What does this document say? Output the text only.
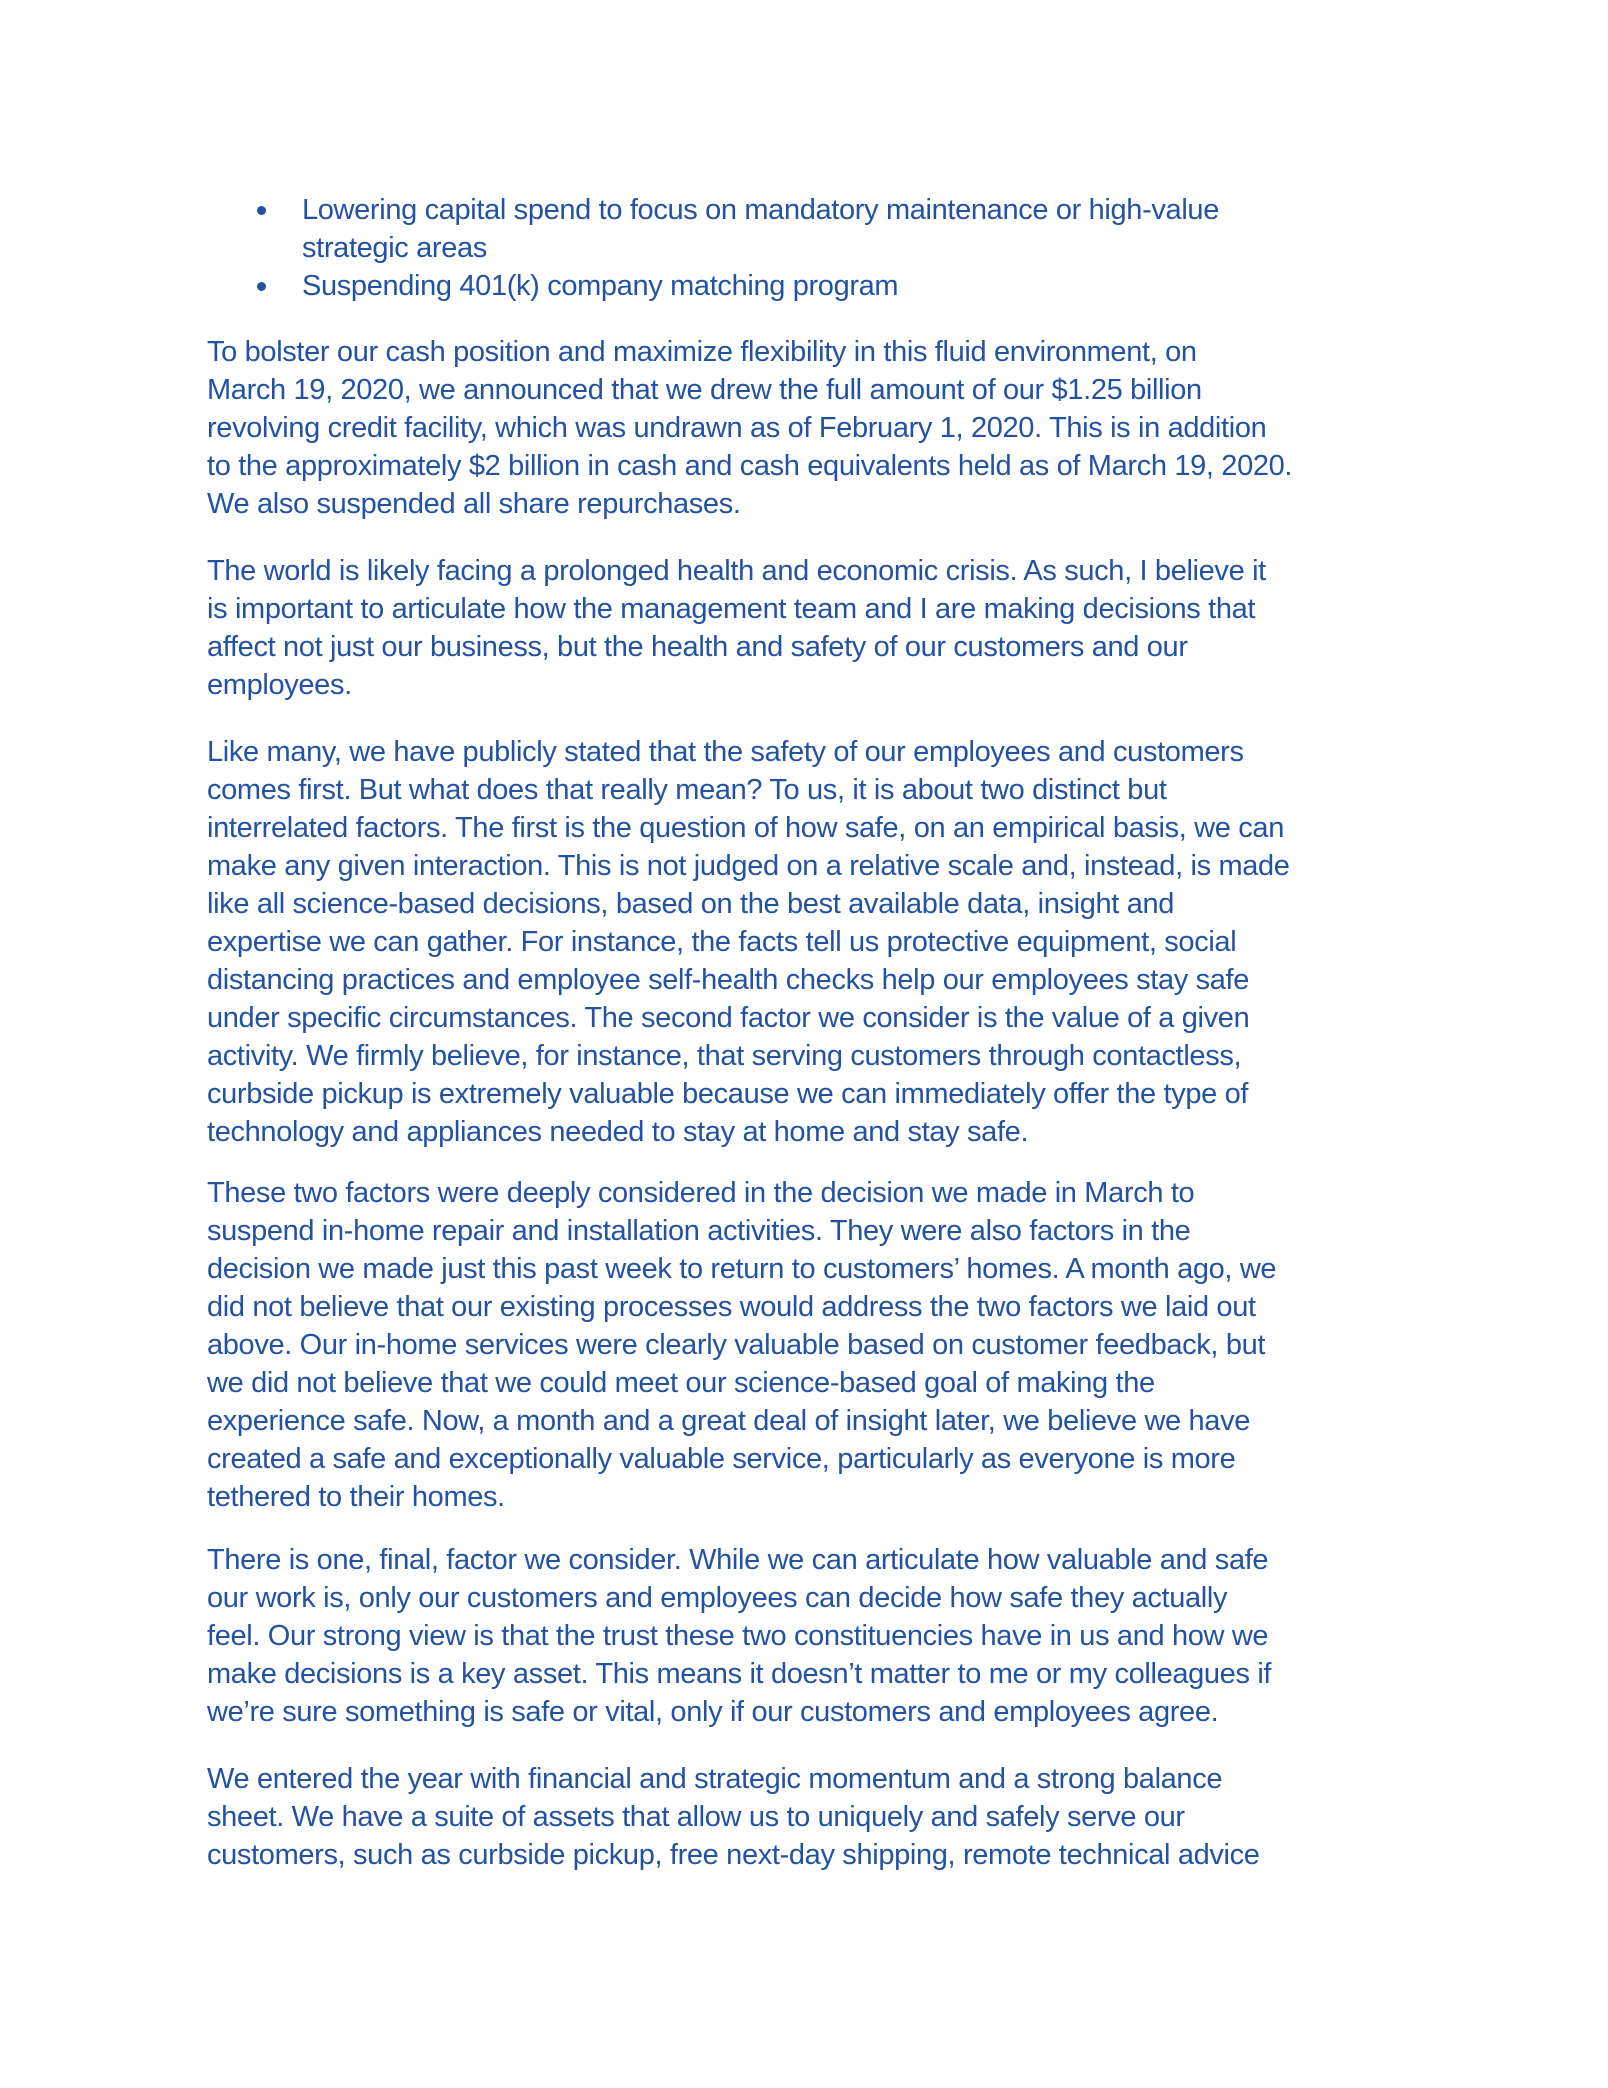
Lowering capital spend to focus on mandatory maintenance or high-value
strategic areas
Suspending 401(k) company matching program

To bolster our cash position and maximize flexibility in this fluid environment, on
March 19, 2020, we announced that we drew the full amount of our $1.25 billion
revolving credit facility, which was undrawn as of February 1, 2020. This is in addition
to the approximately $2 billion in cash and cash equivalents held as of March 19, 2020.
We also suspended all share repurchases.

The world is likely facing a prolonged health and economic crisis. As such, I believe it
is important to articulate how the management team and I are making decisions that
affect not just our business, but the health and safety of our customers and our
employees.

Like many, we have publicly stated that the safety of our employees and customers
comes first. But what does that really mean? To us, it is about two distinct but
interrelated factors. The first is the question of how safe, on an empirical basis, we can
make any given interaction. This is not judged on a relative scale and, instead, is made
like all science-based decisions, based on the best available data, insight and
expertise we can gather. For instance, the facts tell us protective equipment, social
distancing practices and employee self-health checks help our employees stay safe
under specific circumstances. The second factor we consider is the value of a given
activity. We firmly believe, for instance, that serving customers through contactless,
curbside pickup is extremely valuable because we can immediately offer the type of
technology and appliances needed to stay at home and stay safe.

These two factors were deeply considered in the decision we made in March to
suspend in-home repair and installation activities. They were also factors in the
decision we made just this past week to return to customers’ homes. A month ago, we
did not believe that our existing processes would address the two factors we laid out
above. Our in-home services were clearly valuable based on customer feedback, but
we did not believe that we could meet our science-based goal of making the
experience safe. Now, a month and a great deal of insight later, we believe we have
created a safe and exceptionally valuable service, particularly as everyone is more
tethered to their homes.

There is one, final, factor we consider. While we can articulate how valuable and safe
our work is, only our customers and employees can decide how safe they actually
feel. Our strong view is that the trust these two constituencies have in us and how we
make decisions is a key asset. This means it doesn’t matter to me or my colleagues if
we’re sure something is safe or vital, only if our customers and employees agree.

We entered the year with financial and strategic momentum and a strong balance
sheet. We have a suite of assets that allow us to uniquely and safely serve our
customers, such as curbside pickup, free next-day shipping, remote technical advice
